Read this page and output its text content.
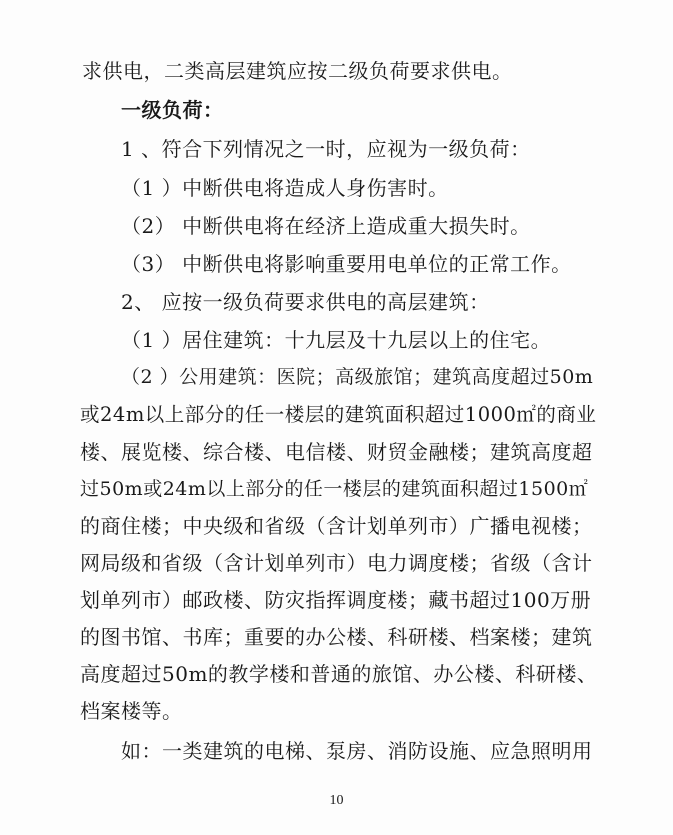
求供电，二类高层建筑应按二级负荷要求供电。
一级负荷：
1 、符合下列情况之一时，应视为一级负荷：
（1 ）中断供电将造成人身伤害时。
（2） 中断供电将在经济上造成重大损失时。
（3） 中断供电将影响重要用电单位的正常工作。
2、 应按一级负荷要求供电的高层建筑：
（1 ）居住建筑：十九层及十九层以上的住宅。
（2 ）公用建筑：医院；高级旅馆；建筑高度超过50m
或24m以上部分的任一楼层的建筑面积超过1000㎡的商业
楼、展览楼、综合楼、电信楼、财贸金融楼；建筑高度超
过50m或24m以上部分的任一楼层的建筑面积超过1500㎡
的商住楼；中央级和省级（含计划单列市）广播电视楼；
网局级和省级（含计划单列市）电力调度楼；省级（含计
划单列市）邮政楼、防灾指挥调度楼；藏书超过100万册
的图书馆、书库；重要的办公楼、科研楼、档案楼；建筑
高度超过50m的教学楼和普通的旅馆、办公楼、科研楼、
档案楼等。
如：一类建筑的电梯、泵房、消防设施、应急照明用
10
